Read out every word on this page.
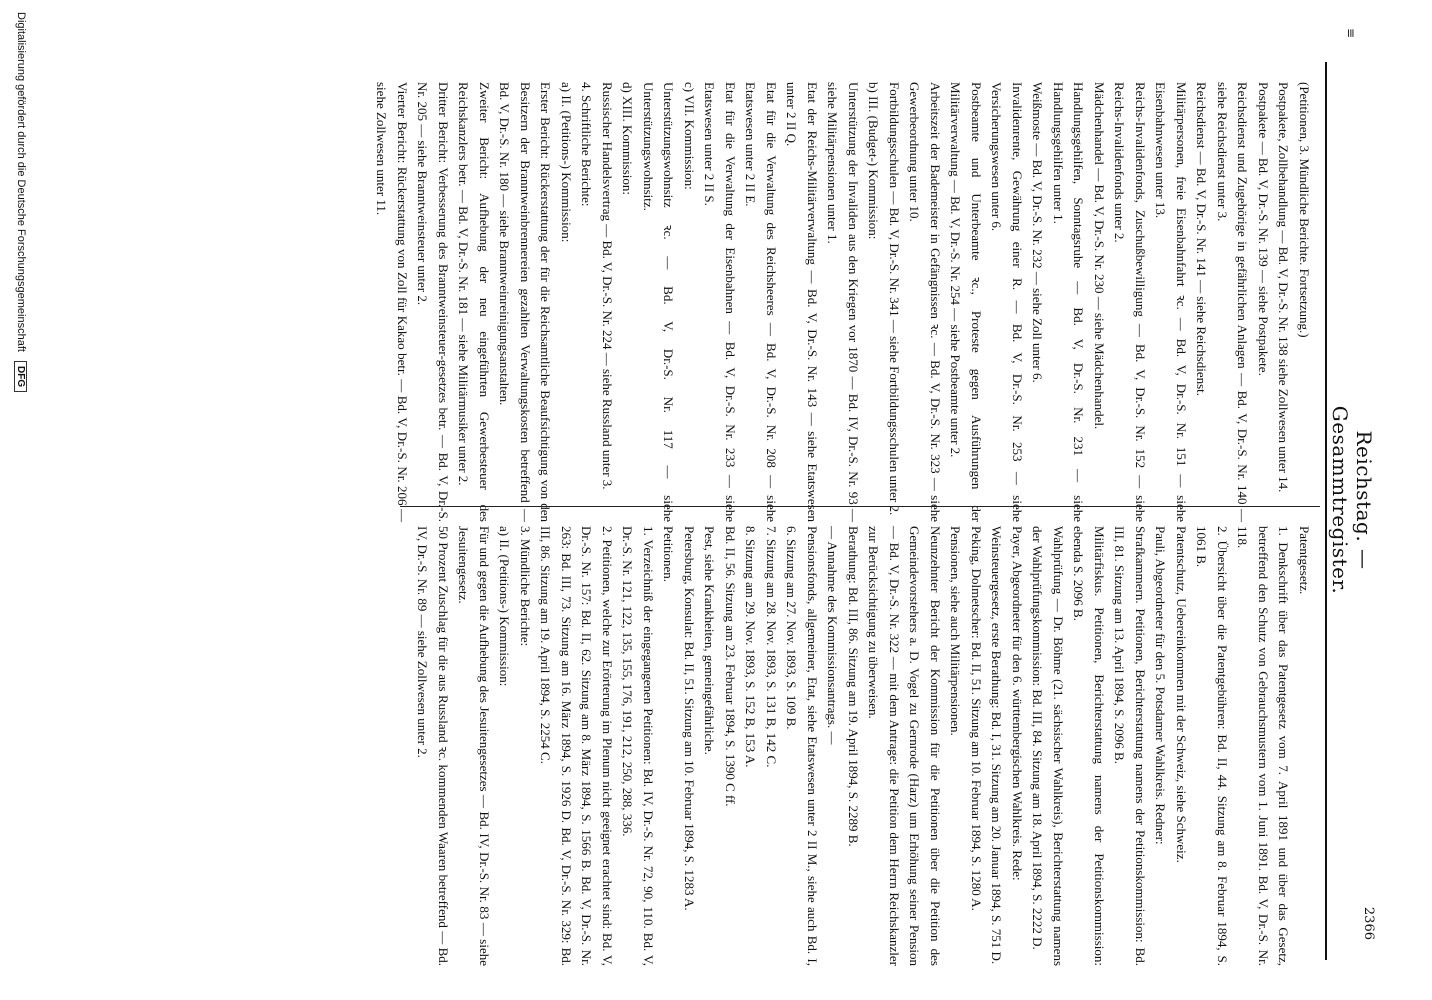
≡
Reichstag. — Gesammtregister.
2366

(Petitionen, 3. Mündliche Berichte. Fortsetzung.)

Postpakete, Zollbehandlung — Bd. V, Dr.-S. Nr. 138 siehe Zollwesen unter 14.

Postpakete — Bd. V, Dr.-S. Nr. 139 — siehe Postpakete.

Reichsdienst und Zugehörige in gefährlichen Anlagen — Bd. V, Dr.-S. Nr. 140 — siehe Reichsdienst unter 3.

Reichsdienst — Bd. V, Dr.-S. Nr. 141 — siehe Reichsdienst.

Militärpersonen, freie Eisenbahnfahrt ꝛc. — Bd. V, Dr.-S. Nr. 151 — siehe Eisenbahnwesen unter 13.

Reichs-Invalidenfonds, Zuschußbewilligung — Bd. V, Dr.-S. Nr. 152 — siehe Reichs-Invalidenfonds unter 2.

Mädchenhandel — Bd. V, Dr.-S. Nr. 230 — siehe Mädchenhandel.

Handlungsgehilfen, Sonntagsruhe — Bd. V, Dr.-S. Nr. 231 — siehe Handlungsgehilfen unter 1.

Weißmoste — Bd. V, Dr.-S. Nr. 232 — siehe Zoll unter 6.

Invalidenrente, Gewährung einer R. — Bd. V, Dr.-S. Nr. 253 — siehe Versicherungswesen unter 6.

Postbeamte und Unterbeamte ꝛc., Proteste gegen Ausführungen der Militärverwaltung — Bd. V, Dr.-S. Nr. 254 — siehe Postbeamte unter 2.

Arbeitszeit der Bademeister in Gefängnissen ꝛc. — Bd. V, Dr.-S. Nr. 323 — siehe Gewerbeordnung unter 10.

Fortbildungsschulen — Bd. V, Dr.-S. Nr. 341 — siehe Fortbildungsschulen unter 2.

b) III. (Budget-) Kommission:

Unterstützung der Invaliden aus den Kriegen vor 1870 — Bd. IV, Dr.-S. Nr. 93 — siehe Militärpensionen unter 1.

Etat der Reichs-Militärverwaltung — Bd. V, Dr.-S. Nr. 143 — siehe Etatswesen unter 2 II Q.

Etat für die Verwaltung des Reichsheeres — Bd. V, Dr.-S. Nr. 208 — siehe Etatswesen unter 2 II E.

Etat für die Verwaltung der Eisenbahnen — Bd. V, Dr.-S. Nr. 233 — siehe Etatswesen unter 2 II S.

c) VII. Kommission:

Unterstützungswohnsitz ꝛc. — Bd. V, Dr.-S. Nr. 117 — siehe Unterstützungswohnsitz.

d) XIII. Kommission:

Russischer Handelsvertrag — Bd. V, Dr.-S. Nr. 224 — siehe Russland unter 3.

4. Schriftliche Berichte:

a) II. (Petitions-) Kommission:

Erster Bericht: Rückerstattung der für die Reichsamtliche Beaufsichtigung von den Besitzern der Branntweinbrennereien gezahlten Verwaltungskosten betreffend — Bd. V, Dr.-S. Nr. 180 — siehe Branntweinreinigungsanstalten.

Zweiter Bericht: Aufhebung der neu eingeführten Gewerbesteuer des Reichskanzlers betr. — Bd. V, Dr.-S. Nr. 181 — siehe Militärmusiker unter 2.

Dritter Bericht: Verbesserung des Branntweinsteuer-gesetzes betr. — Bd. V, Dr.-S. Nr. 205 — siehe Branntweinsteuer unter 2.

Vierter Bericht: Rückerstattung von Zoll für Kakao betr. — Bd. V, Dr.-S. Nr. 206 — siehe Zollwesen unter 11.

Patentgesetz.

1. Denkschrift über das Patentgesetz vom 7. April 1891 und über das Gesetz, betreffend den Schutz von Gebrauchsmustern vom 1. Juni 1891. Bd. V, Dr.-S. Nr. 118.

2. Übersicht über die Patentgebühren: Bd. II, 44. Sitzung am 8. Februar 1894, S. 1061 B.

Patentschutz, Uebereinkommen mit der Schweiz, siehe Schweiz.

Pauli, Abgeordneter für den 5. Potsdamer Wahlkreis. Redner:

Strafkammern. Petitionen, Berichterstattung namens der Petitionskommission: Bd. III, 81. Sitzung am 13. April 1894, S. 2096 B.

Militärfiskus. Petitionen, Berichterstattung namens der Petitionskommission: ebenda S. 2096 B.

Wahlprüfung — Dr. Böhme (21. sächsischer Wahlkreis), Berichterstattung namens der Wahlprüfungskommission: Bd. III, 84. Sitzung am 18. April 1894, S. 2222 D.

Payer, Abgeordneter für den 6. württembergischen Wahlkreis. Rede:

Weinsteuergesetz, erste Berathung: Bd. I, 31. Sitzung am 20. Januar 1894, S. 751 D.

Peking, Dolmetscher: Bd. II, 51. Sitzung am 10. Februar 1894, S. 1280 A.

Pensionen, siehe auch Militärpensionen.

Neunzehnter Bericht der Kommission für die Petitionen über die Petition des Gemeindevorstehers a. D. Vogel zu Gernrode (Harz) um Erhöhung seiner Pension — Bd. V, Dr.-S. Nr. 322 — mit dem Antrage: die Petition dem Herrn Reichskanzler zur Berücksichtigung zu überweisen.

Berathung: Bd. III, 86. Sitzung am 19. April 1894, S. 2289 B.

— Annahme des Kommissionsantrags. —

Pensionsfonds, allgemeiner, Etat, siehe Etatswesen unter 2 II M., siehe auch Bd. I, 6. Sitzung am 27. Nov. 1893, S. 109 B.

7. Sitzung am 28. Nov. 1893, S. 131 B, 142 C.

8. Sitzung am 29. Nov. 1893, S. 152 B, 153 A.

Bd. II, 56. Sitzung am 23. Februar 1894, S. 1390 C ff.

Pest, siehe Krankheiten, gemeingefährliche.

Petersburg, Konsulat: Bd. II, 51. Sitzung am 10. Februar 1894, S. 1283 A.

Petitionen.

1. Verzeichniß der eingegangenen Petitionen: Bd. IV, Dr.-S. Nr. 72, 90, 110. Bd. V, Dr.-S. Nr. 121, 122, 135, 155, 176, 191, 212, 250, 288, 336.

2. Petitionen, welche zur Erörterung im Plenum nicht geeignet erachtet sind: Bd. V, Dr.-S. Nr. 157: Bd. II, 62. Sitzung am 8. März 1894, S. 1566 B. Bd. V, Dr.-S. Nr. 263: Bd. III, 73. Sitzung am 16. März 1894, S. 1926 D. Bd. V, Dr.-S. Nr. 329: Bd. III, 86. Sitzung am 19. April 1894, S. 2254 C.

3. Mündliche Berichte:

a) II. (Petitions-) Kommission:

Für und gegen die Aufhebung des Jesuitengesetzes — Bd. IV, Dr.-S. Nr. 83 — siehe Jesuitengesetz.

50 Prozent Zuschlag für die aus Russland ꝛc. kommenden Waaren betreffend — Bd. IV, Dr.-S. Nr. 89 — siehe Zollwesen unter 2.

Digitalisierung gefördert durch die Deutsche Forschungsgemeinschaft DFG
